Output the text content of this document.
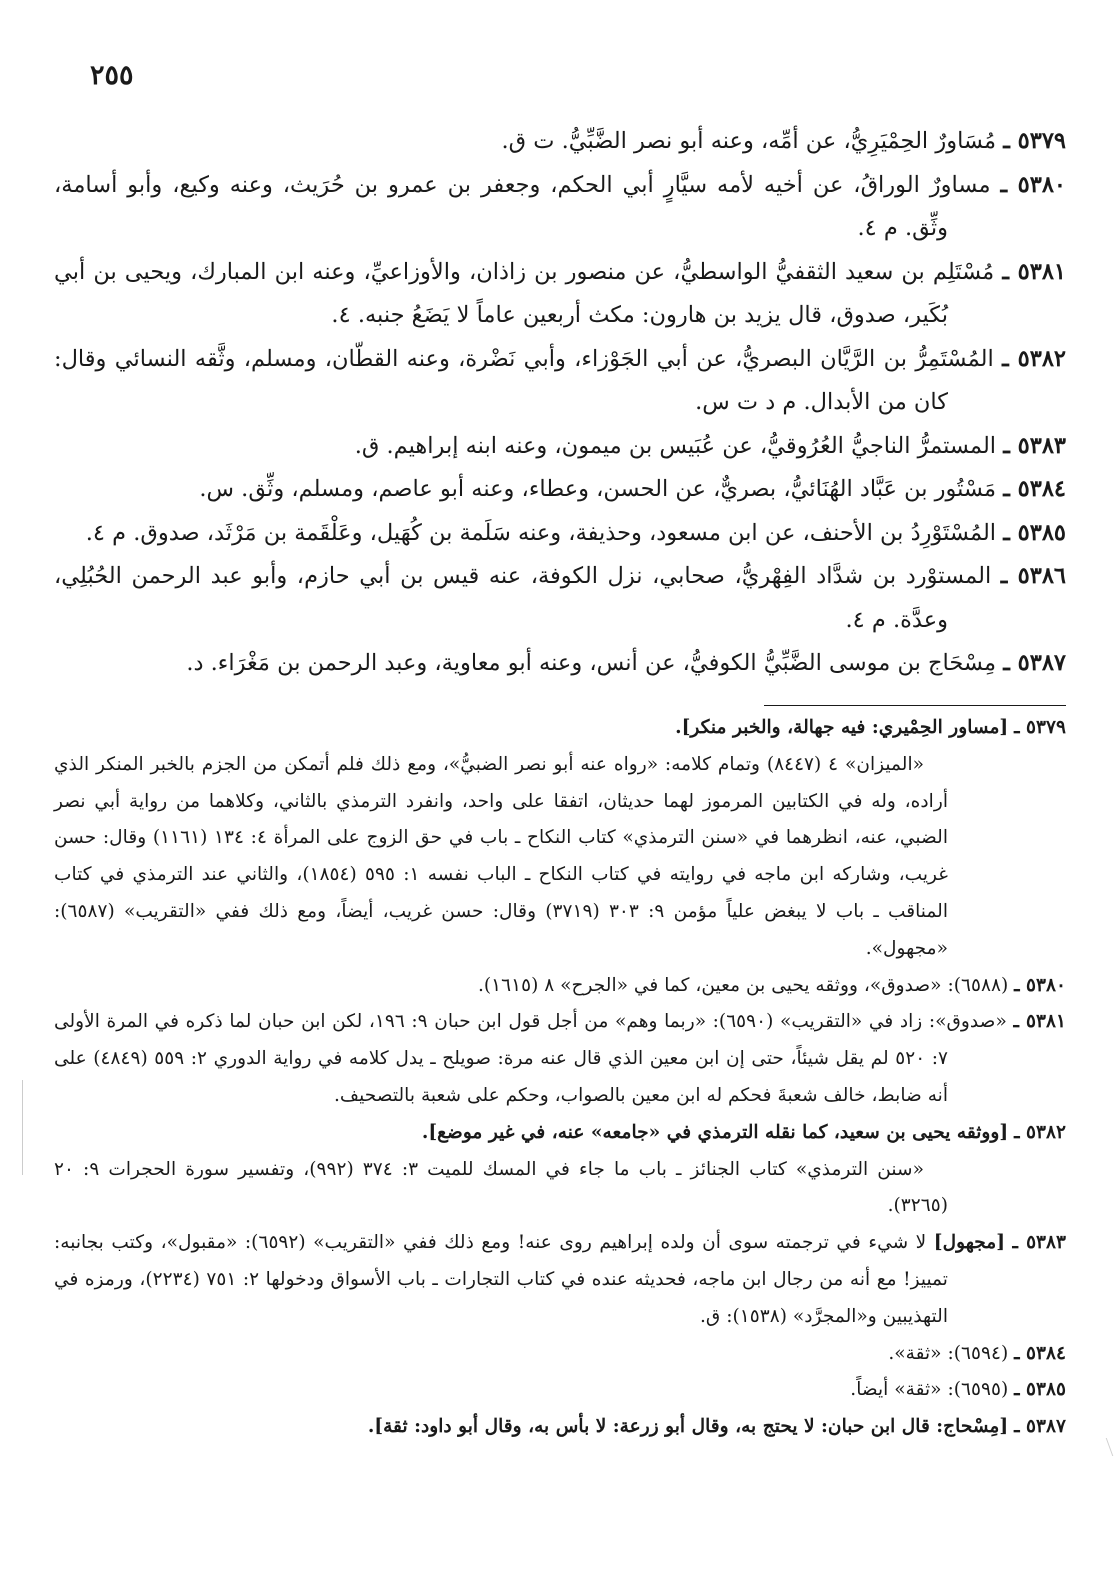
٢٥٥

٥٣٧٩ ـ مُسَاورٌ الحِمْيَرِيُّ، عن أمِّه، وعنه أبو نصر الضَّبِّيُّ. ت ق.

٥٣٨٠ ـ مساورٌ الوراقُ، عن أخيه لأمه سيَّارٍ أبي الحكم، وجعفر بن عمرو بن حُرَيث، وعنه وكيع، وأبو أسامة، وثِّق. م ٤.

٥٣٨١ ـ مُسْتَلِم بن سعيد الثقفيُّ الواسطيُّ، عن منصور بن زاذان، والأوزاعيِّ، وعنه ابن المبارك، ويحيى بن أبي بُكَير، صدوق، قال يزيد بن هارون: مكث أربعين عاماً لا يَضَعُ جنبه. ٤.

٥٣٨٢ ـ المُسْتَمِرُّ بن الرَّيَّان البصريُّ، عن أبي الجَوْزاء، وأبي نَضْرة، وعنه القطّان، ومسلم، وثَّقه النسائي وقال: كان من الأبدال. م د ت س.

٥٣٨٣ ـ المستمرُّ الناجيُّ العُرُوقيُّ، عن عُبَيس بن ميمون، وعنه ابنه إبراهيم. ق.

٥٣٨٤ ـ مَسْتُور بن عَبَّاد الهُنَائيُّ، بصريٌّ، عن الحسن، وعطاء، وعنه أبو عاصم، ومسلم، وثِّق. س.

٥٣٨٥ ـ المُسْتَوْرِدُ بن الأحنف، عن ابن مسعود، وحذيفة، وعنه سَلَمة بن كُهَيل، وعَلْقَمة بن مَرْثَد، صدوق. م ٤.

٥٣٨٦ ـ المستوْرد بن شدَّاد الفِهْريُّ، صحابي، نزل الكوفة، عنه قيس بن أبي حازم، وأبو عبد الرحمن الحُبُلِي، وعدَّة. م ٤.

٥٣٨٧ ـ مِسْحَاج بن موسى الضَّبِّيُّ الكوفيُّ، عن أنس، وعنه أبو معاوية، وعبد الرحمن بن مَغْرَاء. د.

٥٣٧٩ ـ [مساور الحِمْيري: فيه جهالة، والخبر منكر].

«الميزان» ٤ (٨٤٤٧) وتمام كلامه: «رواه عنه أبو نصر الضبيُّ»، ومع ذلك فلم أتمكن من الجزم بالخبر المنكر الذي أراده، وله في الكتابين المرموز لهما حديثان، اتفقا على واحد، وانفرد الترمذي بالثاني، وكلاهما من رواية أبي نصر الضبي، عنه، انظرهما في «سنن الترمذي» كتاب النكاح ـ باب في حق الزوج على المرأة ٤: ١٣٤ (١١٦١) وقال: حسن غريب، وشاركه ابن ماجه في روايته في كتاب النكاح ـ الباب نفسه ١: ٥٩٥ (١٨٥٤)، والثاني عند الترمذي في كتاب المناقب ـ باب لا يبغض علياً مؤمن ٩: ٣٠٣ (٣٧١٩) وقال: حسن غريب، أيضاً، ومع ذلك ففي «التقريب» (٦٥٨٧): «مجهول».

٥٣٨٠ ـ (٦٥٨٨): «صدوق»، ووثقه يحيى بن معين، كما في «الجرح» ٨ (١٦١٥).

٥٣٨١ ـ «صدوق»: زاد في «التقريب» (٦٥٩٠): «ربما وهم» من أجل قول ابن حبان ٩: ١٩٦، لكن ابن حبان لما ذكره في المرة الأولى ٧: ٥٢٠ لم يقل شيئاً، حتى إن ابن معين الذي قال عنه مرة: صويلح ـ يدل كلامه في رواية الدوري ٢: ٥٥٩ (٤٨٤٩) على أنه ضابط، خالف شعبةَ فحكم له ابن معين بالصواب، وحكم على شعبة بالتصحيف.

٥٣٨٢ ـ [ووثقه يحيى بن سعيد، كما نقله الترمذي في «جامعه» عنه، في غير موضع].

«سنن الترمذي» كتاب الجنائز ـ باب ما جاء في المسك للميت ٣: ٣٧٤ (٩٩٢)، وتفسير سورة الحجرات ٩: ٢٠ (٣٢٦٥).

٥٣٨٣ ـ [مجهول] لا شيء في ترجمته سوى أن ولده إبراهيم روى عنه! ومع ذلك ففي «التقريب» (٦٥٩٢): «مقبول»، وكتب بجانبه: تمييز! مع أنه من رجال ابن ماجه، فحديثه عنده في كتاب التجارات ـ باب الأسواق ودخولها ٢: ٧٥١ (٢٢٣٤)، ورمزه في التهذيبين و«المجرَّد» (١٥٣٨): ق.

٥٣٨٤ ـ (٦٥٩٤): «ثقة».

٥٣٨٥ ـ (٦٥٩٥): «ثقة» أيضاً.

٥٣٨٧ ـ [مِسْحاج: قال ابن حبان: لا يحتج به، وقال أبو زرعة: لا بأس به، وقال أبو داود: ثقة].
